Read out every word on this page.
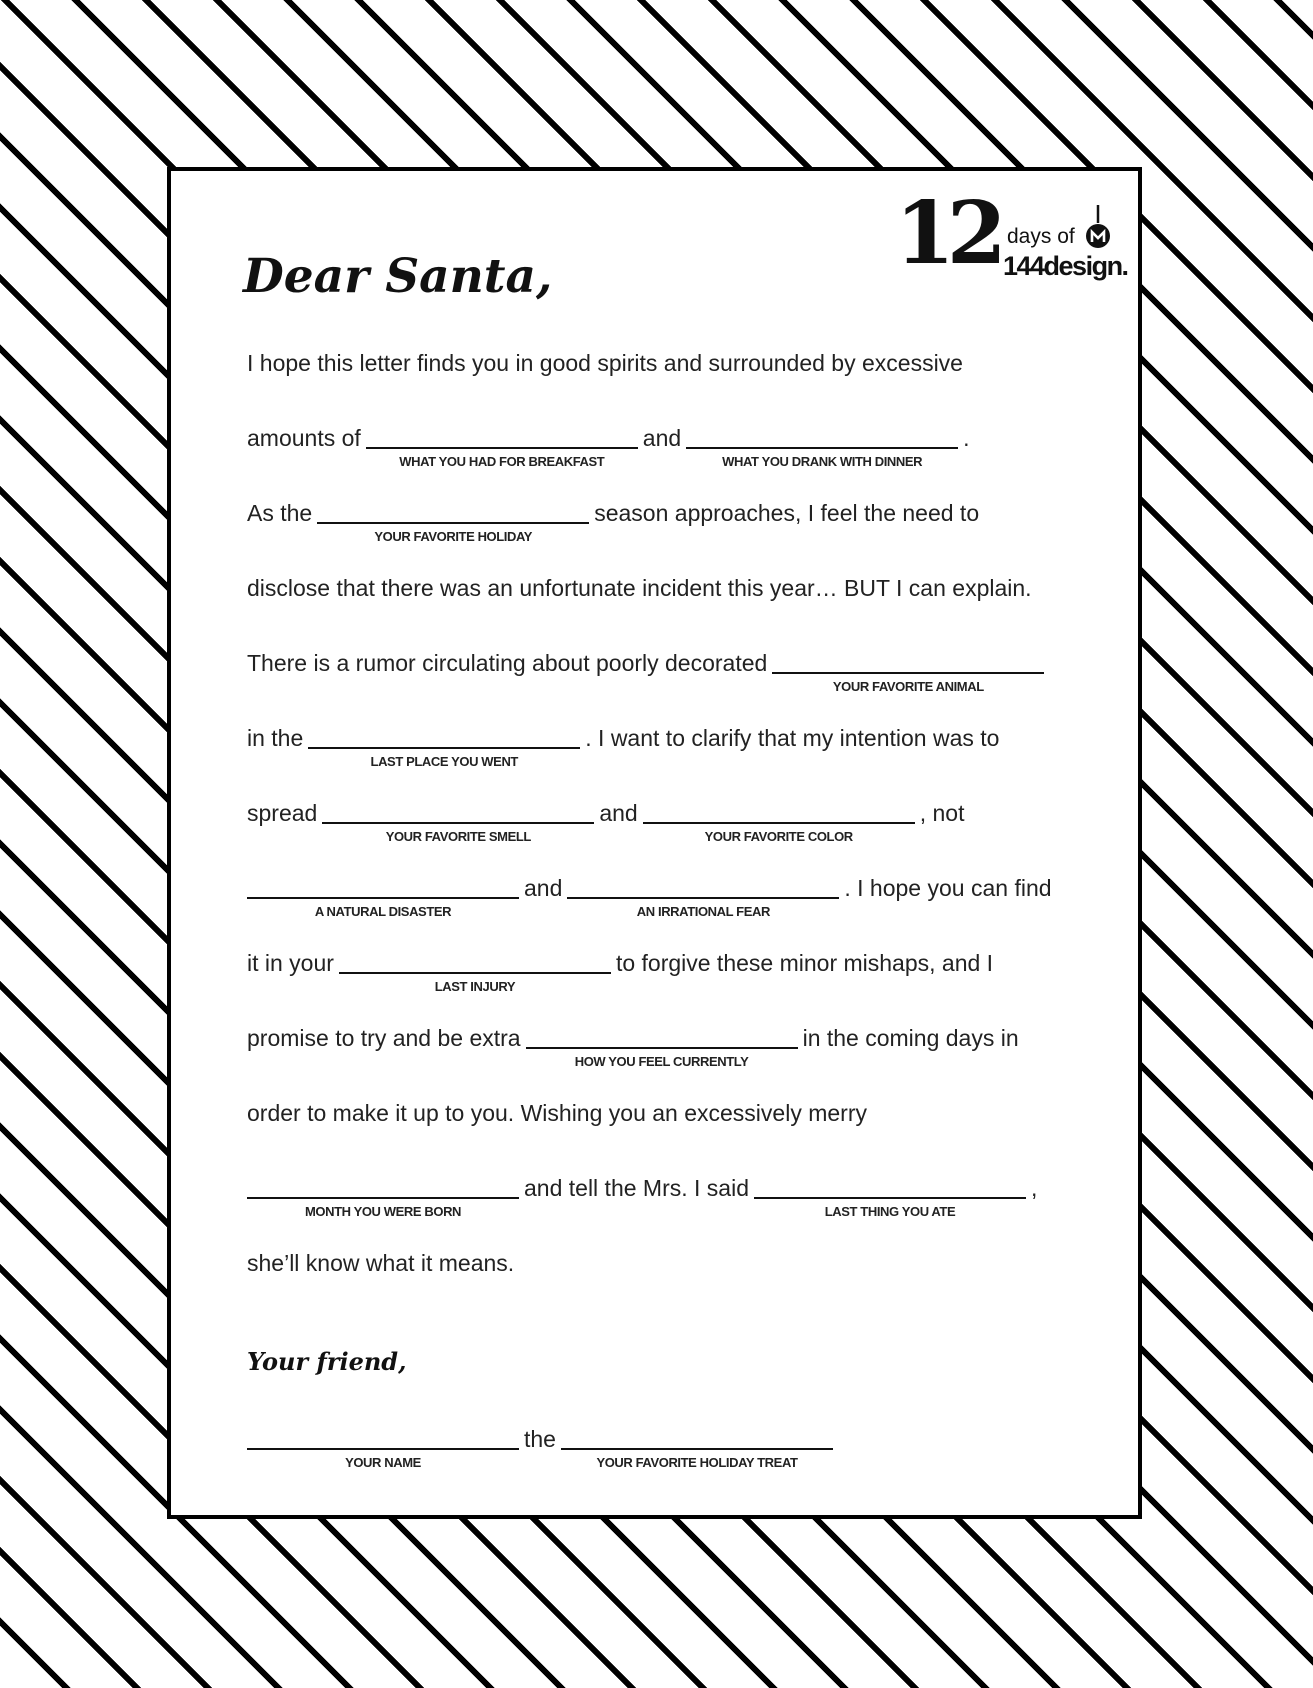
12 days of
144design.
Dear Santa,
I hope this letter finds you in good spirits and surrounded by excessive
amounts of
WHAT YOU HAD FOR BREAKFAST
and
WHAT YOU DRANK WITH DINNER
.
As the
YOUR FAVORITE HOLIDAY
season approaches, I feel the need to
disclose that there was an unfortunate incident this year… BUT I can explain.
There is a rumor circulating about poorly decorated
YOUR FAVORITE ANIMAL
in the
LAST PLACE YOU WENT
. I want to clarify that my intention was to
spread
YOUR FAVORITE SMELL
and
YOUR FAVORITE COLOR
, not
A NATURAL DISASTER
and
AN IRRATIONAL FEAR
. I hope you can find
it in your
LAST INJURY
to forgive these minor mishaps, and I
promise to try and be extra
HOW YOU FEEL CURRENTLY
in the coming days in
order to make it up to you. Wishing you an excessively merry
MONTH YOU WERE BORN
and tell the Mrs. I said
LAST THING YOU ATE
,
she’ll know what it means.
Your friend,
YOUR NAME
the
YOUR FAVORITE HOLIDAY TREAT
